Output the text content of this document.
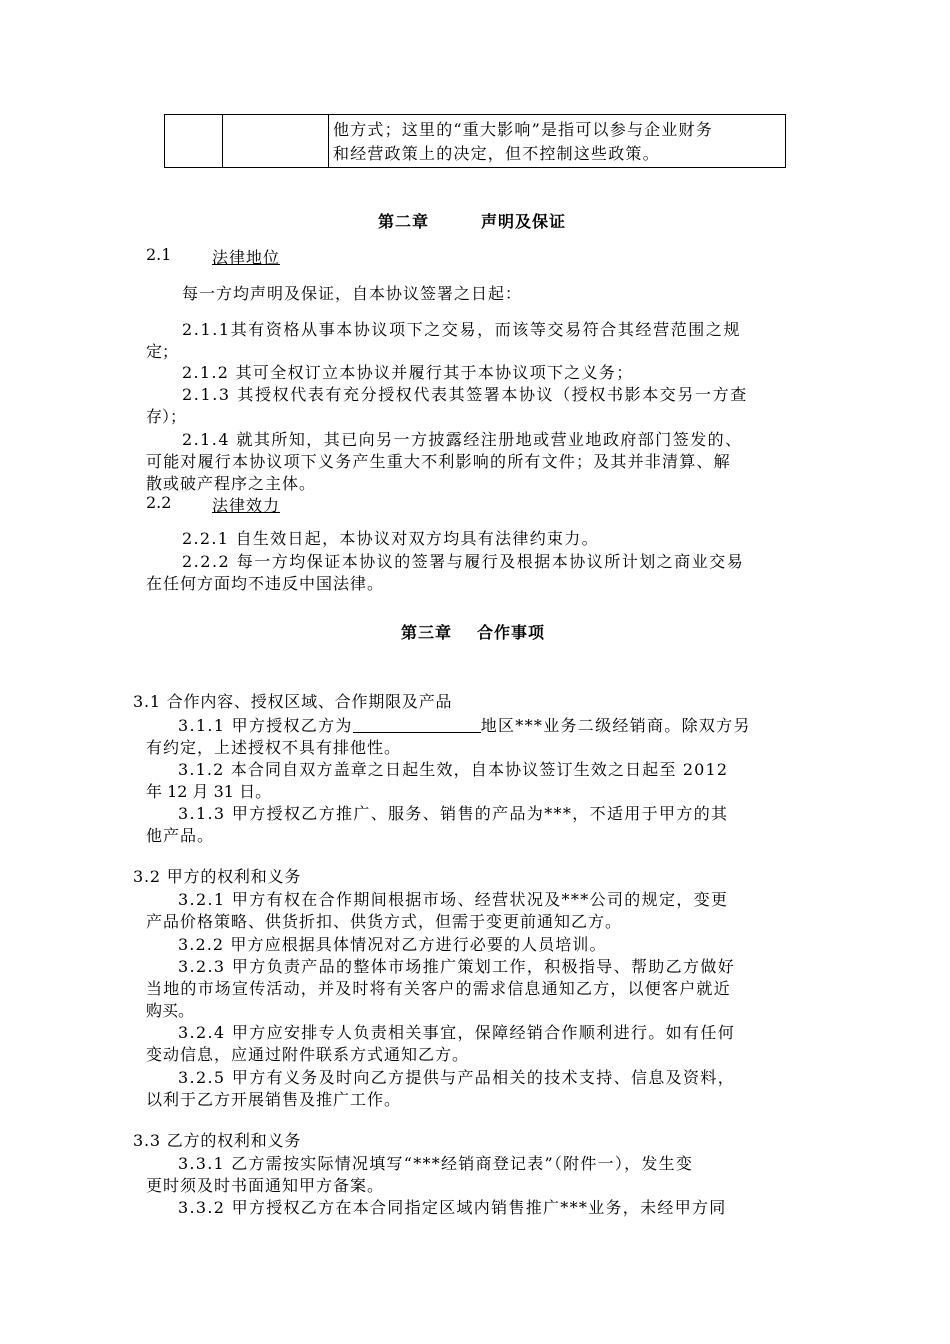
他方式；这里的“重大影响”是指可以参与企业财务
和经营政策上的决定，但不控制这些政策。
第二章	声明及保证
2.1	法律地位
每一方均声明及保证，自本协议签署之日起：
2.1.1其有资格从事本协议项下之交易，而该等交易符合其经营范围之规
定；
2.1.2 其可全权订立本协议并履行其于本协议项下之义务；
2.1.3 其授权代表有充分授权代表其签署本协议（授权书影本交另一方查
存）；
2.1.4 就其所知，其已向另一方披露经注册地或营业地政府部门签发的、
可能对履行本协议项下义务产生重大不利影响的所有文件；及其并非清算、解
散或破产程序之主体。
2.2	法律效力
2.2.1 自生效日起，本协议对双方均具有法律约束力。
2.2.2 每一方均保证本协议的签署与履行及根据本协议所计划之商业交易
在任何方面均不违反中国法律。
第三章 合作事项
3.1 合作内容、授权区域、合作期限及产品
3.1.1 甲方授权乙方为	地区***业务二级经销商。除双方另
有约定，上述授权不具有排他性。
3.1.2 本合同自双方盖章之日起生效，自本协议签订生效之日起至 2012
年 12 月 31 日。
3.1.3 甲方授权乙方推广、服务、销售的产品为***，不适用于甲方的其
他产品。
3.2 甲方的权利和义务
3.2.1 甲方有权在合作期间根据市场、经营状况及***公司的规定，变更
产品价格策略、供货折扣、供货方式，但需于变更前通知乙方。
3.2.2 甲方应根据具体情况对乙方进行必要的人员培训。
3.2.3 甲方负责产品的整体市场推广策划工作，积极指导、帮助乙方做好
当地的市场宣传活动，并及时将有关客户的需求信息通知乙方，以便客户就近
购买。
3.2.4 甲方应安排专人负责相关事宜，保障经销合作顺利进行。如有任何
变动信息，应通过附件联系方式通知乙方。
3.2.5 甲方有义务及时向乙方提供与产品相关的技术支持、信息及资料，
以利于乙方开展销售及推广工作。
3.3 乙方的权利和义务
3.3.1 乙方需按实际情况填写“***经销商登记表”（附件一），发生变
更时须及时书面通知甲方备案。
3.3.2 甲方授权乙方在本合同指定区域内销售推广***业务，未经甲方同
